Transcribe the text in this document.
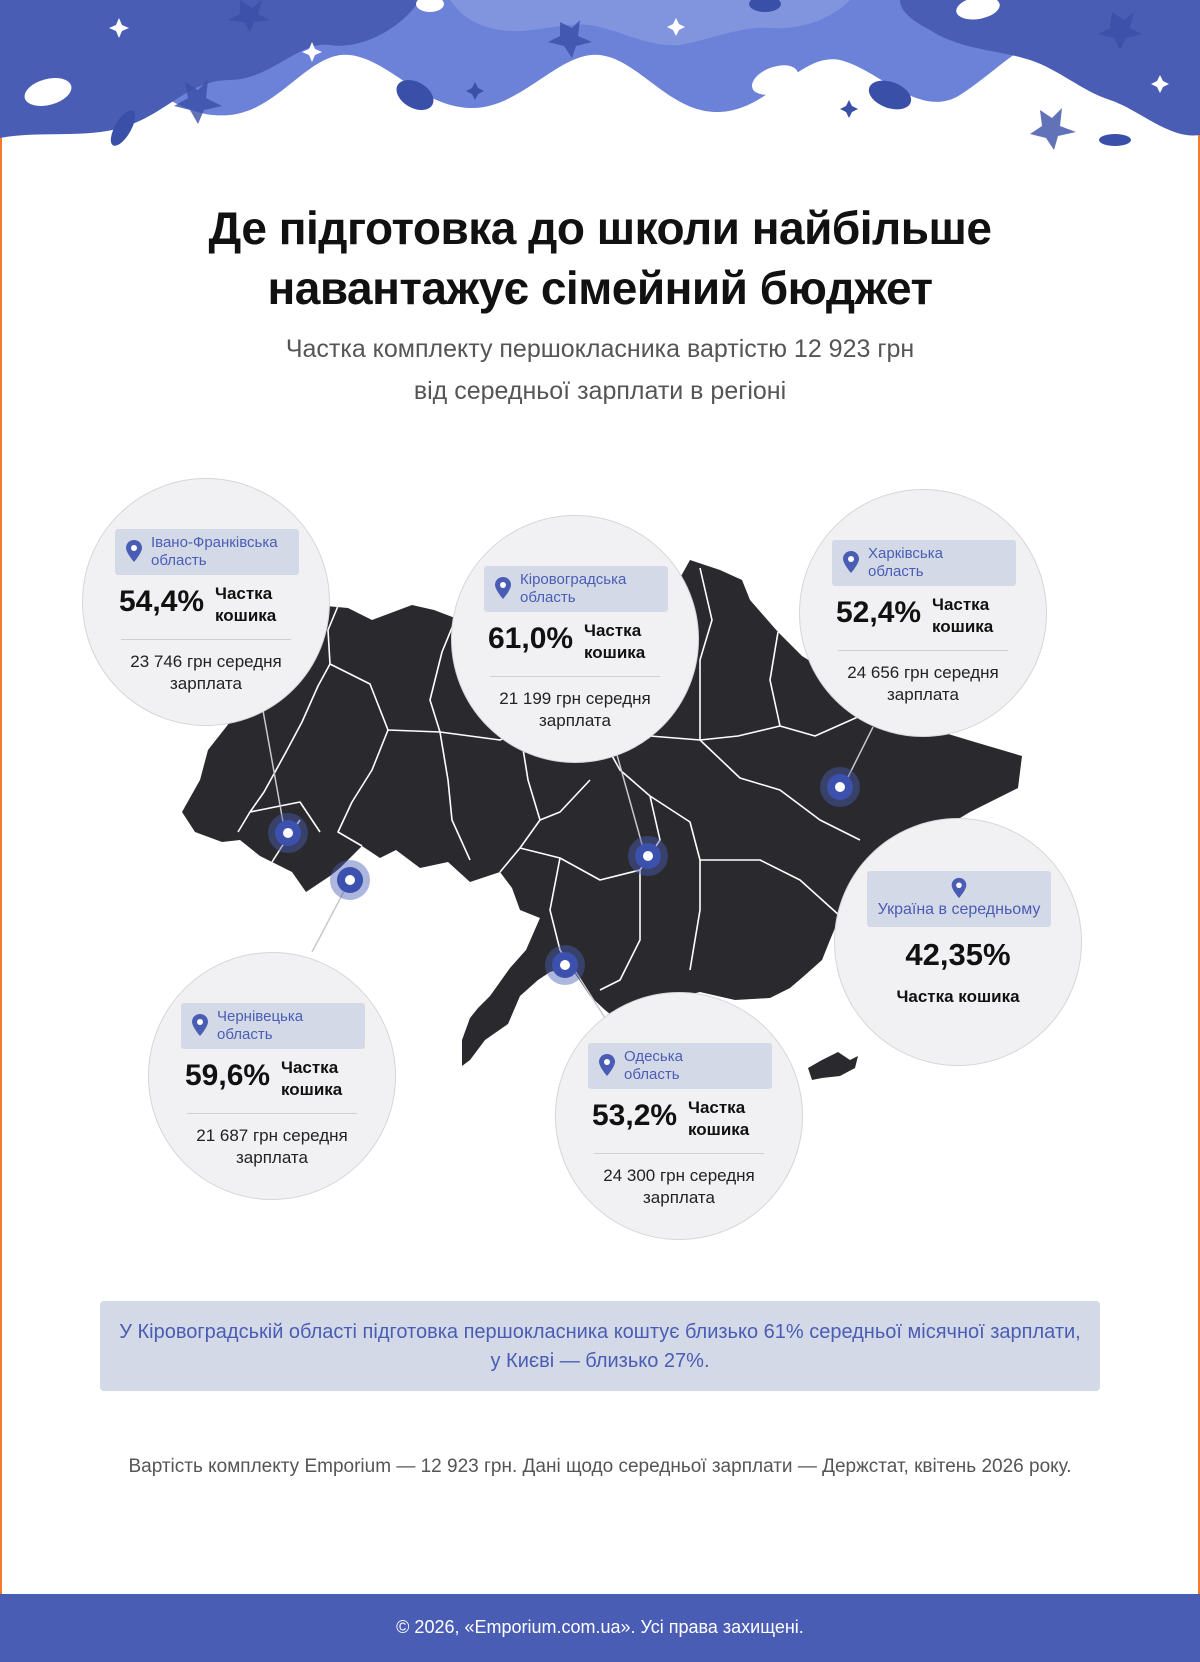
Де підготовка до школи найбільше
навантажує сімейний бюджет
Частка комплекту першокласника вартістю 12 923 грн
від середньої зарплати в регіоні
Івано-Франківська
область
54,4% Частка
кошика
23 746 грн середня
зарплата
Кіровоградська
область
61,0% Частка
кошика
21 199 грн середня
зарплата
Харківська
область
52,4% Частка
кошика
24 656 грн середня
зарплата
Чернівецька
область
59,6% Частка
кошика
21 687 грн середня
зарплата
Одеська
область
53,2% Частка
кошика
24 300 грн середня
зарплата
Україна в середньому
42,35%
Частка кошика
У Кіровоградській області підготовка першокласника коштує близько 61% середньої місячної зарплати,
у Києві — близько 27%.
Вартість комплекту Emporium — 12 923 грн. Дані щодо середньої зарплати — Держстат, квітень 2026 року.
© 2026, «Emporium.com.ua». Усі права захищені.
